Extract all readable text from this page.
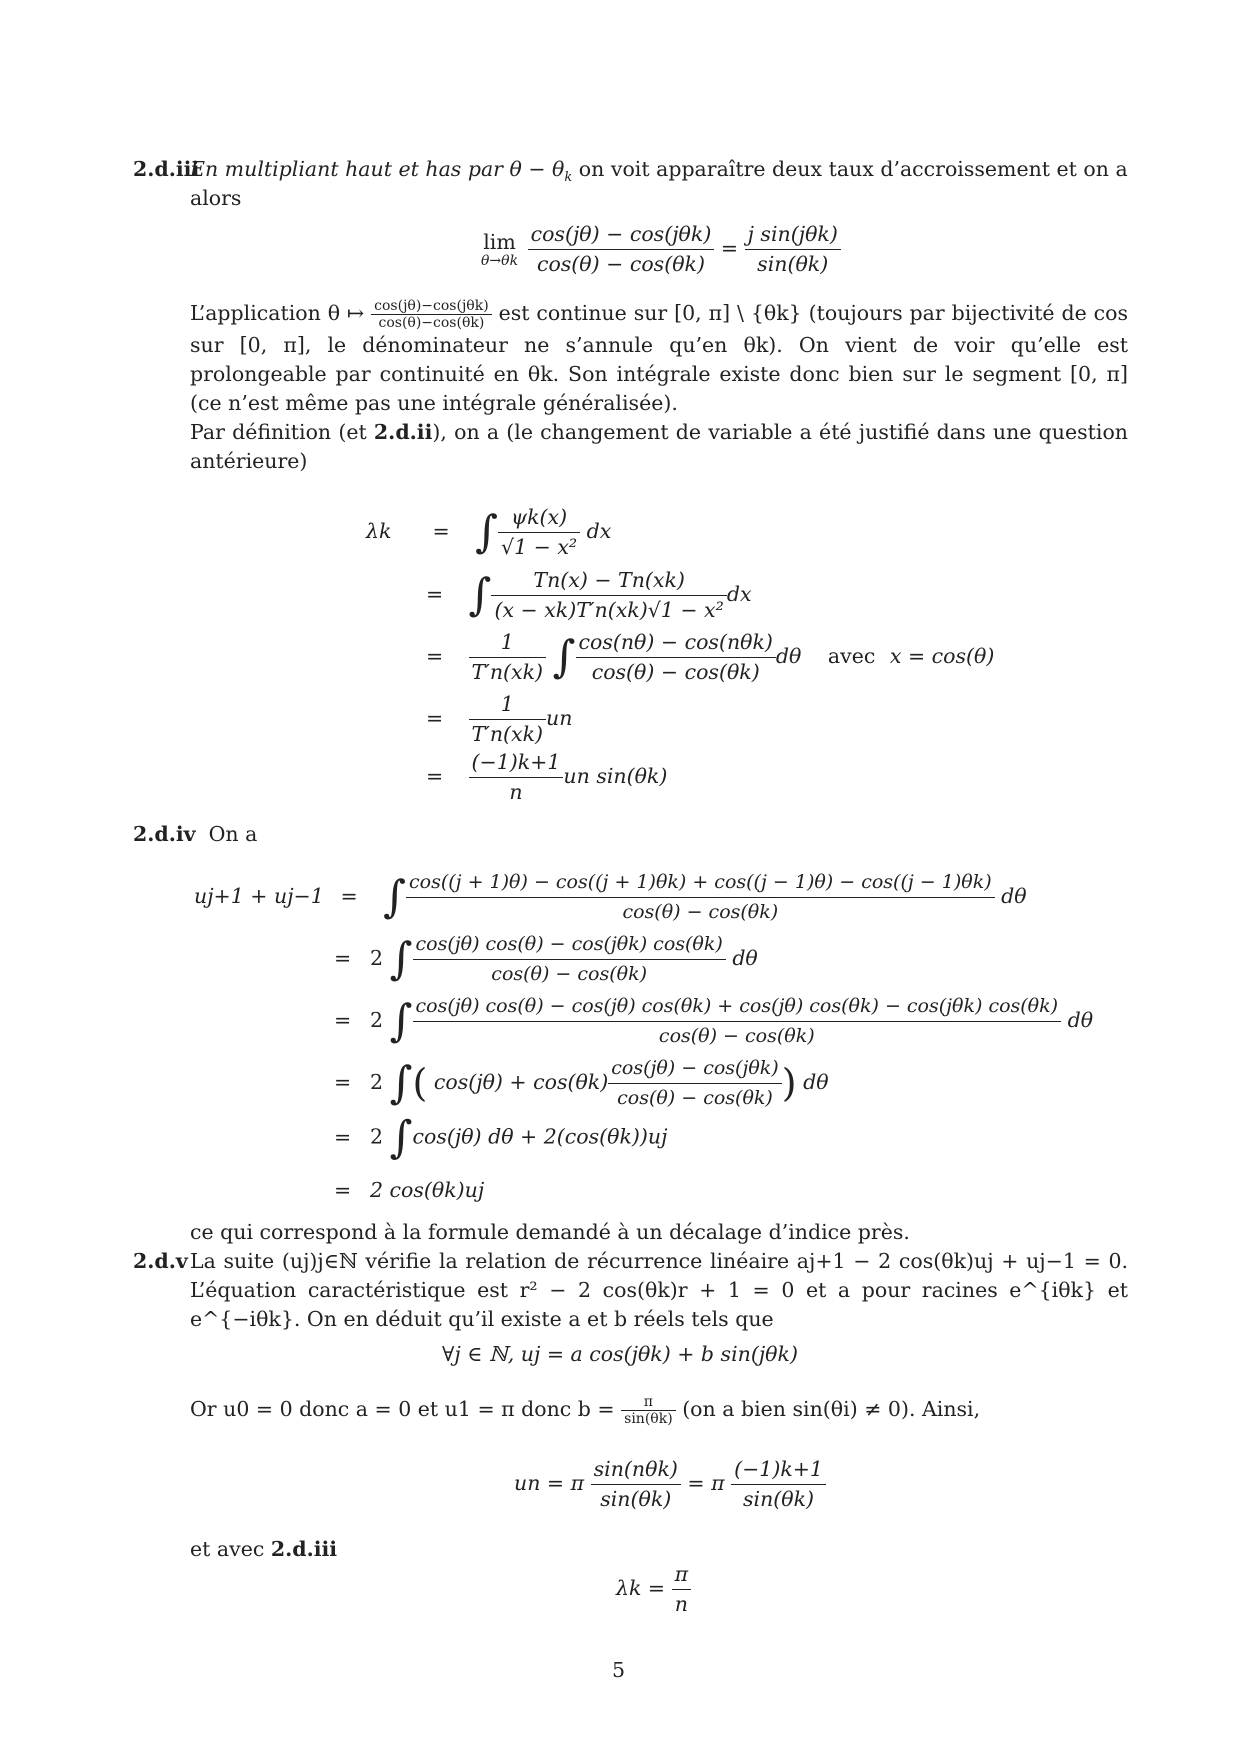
2.d.iii
En multipliant haut et has par $\theta - \theta_k$ on voit apparaître deux taux d’accroissement et on a
alors
lim
θ→θk
$\frac{\text{cos(jθ) − cos(jθk)}}{\cos(\theta) - \cos(\theta k)} = \frac{\text{j sin(jθk)}}{\sin(\theta k)}$
L’application θ ↦ $\frac{\text{cos(jθ)−cos(jθk)}}{\cos(\theta)-\cos(\theta k)}$ est continue sur [0, π] \ {θk} (toujours par bijectivité de cos sur [0, π], le dénominateur ne s’annule qu’en θk). On vient de voir qu’elle est prolongeable par continuité en θk. Son intégrale existe donc bien sur le segment [0, π] (ce n’est même pas une intégrale généralisée).
Par définition (et 2.d.ii), on a (le changement de variable a été justifié dans une question antérieure)
λk = ∫ $\frac{\psi k(x)}{\text{√1 − x²}}$ dx
= ∫ $\frac{Tn(x) - Tn(xk)}{\text{(x − xk)T′n(xk)√1 − x²}}$ dx
= $\frac{1}{T'n(xk)}$ ∫ $\frac{\text{cos(nθ) − cos(nθk)}}{\cos(\theta) - \cos(\theta k)}$ dθ avec x = cos(θ)
= $\frac{1}{T'n(xk)}$ un
= $\frac{(-1)k+1}{n}$ un sin(θk)
2.d.iv On a
uj+1 + uj−1 = ∫ cos((j + 1)θ) − cos((j + 1)θk) + cos((j − 1)θ) − cos((j − 1)θk)
cos(θ) − cos(θk)
dθ
= 2 ∫ $\frac{\text{cos(jθ) cos(θ) − cos(jθk) cos(θk)}}{\cos(\theta) - \cos(\theta k)}$ dθ
= 2 ∫ cos(jθ) cos(θ) − cos(jθ) cos(θk) + cos(jθ) cos(θk) − cos(jθk) cos(θk)
cos(θ) − cos(θk)
dθ
= 2 ∫( $\cos(j\theta) + \cos(\theta k) \frac{\text{cos(jθ) − cos(jθk)}}{\cos(\theta) - \cos(\theta k)}$ ) dθ
= 2 ∫cos(jθ) dθ + 2(cos(θk))uj
= 2 cos(θk)uj
ce qui correspond à la formule demandé à un décalage d’indice près.
2.d.v La suite (uj)j∈ℕ vérifie la relation de récurrence linéaire aj+1 − 2 cos(θk)uj + uj−1 = 0. L’équation caractéristique est r² − 2 cos(θk)r + 1 = 0 et a pour racines e^{iθk} et e^{−iθk}. On en déduit qu’il existe a et b réels tels que
∀j ∈ ℕ, uj = a cos(jθk) + b sin(jθk)
Or u0 = 0 donc a = 0 et u1 = π donc $b = \frac{\pi}{\sin(\theta k)} (on$ a bien sin(θi) ≠ 0). Ainsi,
un = π $\frac{\text{sin(nθk)}}{\sin(\theta k)} = \pi \frac{(-1)k+1}{\sin(\theta k)}$
et avec 2.d.iii
$\lambda k = \frac{\pi}{n}$
5
